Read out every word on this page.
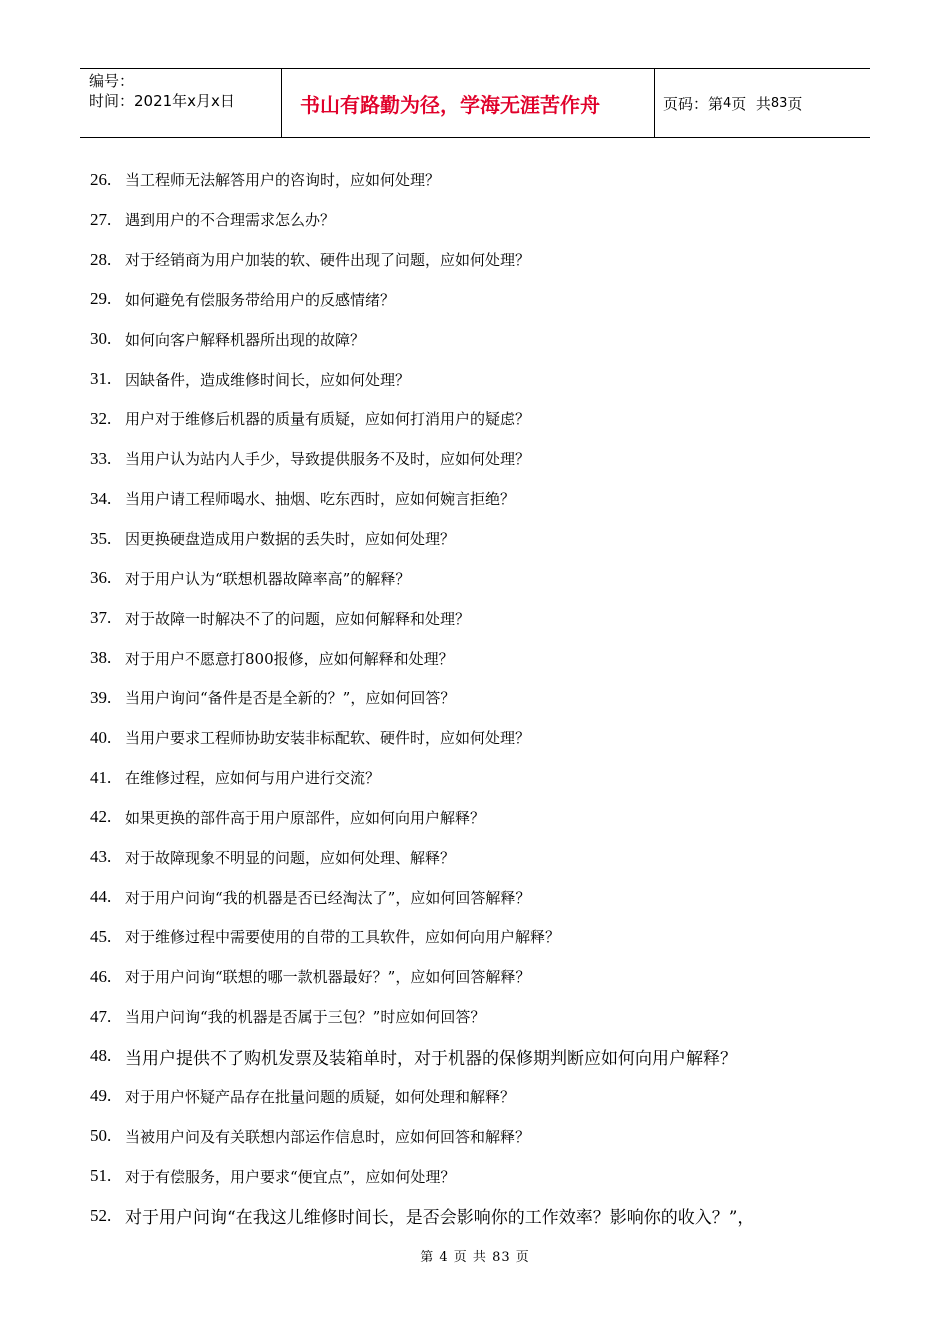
编号：
时间：2021年x月x日	书山有路勤为径，学海无涯苦作舟	页码：第 4 页  共 83 页
26. 当工程师无法解答用户的咨询时，应如何处理？
27. 遇到用户的不合理需求怎么办？
28. 对于经销商为用户加装的软、硬件出现了问题，应如何处理？
29. 如何避免有偿服务带给用户的反感情绪？
30. 如何向客户解释机器所出现的故障？
31. 因缺备件，造成维修时间长，应如何处理？
32. 用户对于维修后机器的质量有质疑，应如何打消用户的疑虑？
33. 当用户认为站内人手少，导致提供服务不及时，应如何处理？
34. 当用户请工程师喝水、抽烟、吃东西时，应如何婉言拒绝？
35. 因更换硬盘造成用户数据的丢失时，应如何处理？
36. 对于用户认为“联想机器故障率高”的解释？
37. 对于故障一时解决不了的问题，应如何解释和处理？
38. 对于用户不愿意打800报修，应如何解释和处理？
39. 当用户询问“备件是否是全新的？”，应如何回答？
40. 当用户要求工程师协助安装非标配软、硬件时，应如何处理？
41. 在维修过程，应如何与用户进行交流？
42. 如果更换的部件高于用户原部件，应如何向用户解释？
43. 对于故障现象不明显的问题，应如何处理、解释？
44. 对于用户问询“我的机器是否已经淘汰了”，应如何回答解释？
45. 对于维修过程中需要使用的自带的工具软件，应如何向用户解释？
46. 对于用户问询“联想的哪一款机器最好？”，应如何回答解释？
47. 当用户问询“我的机器是否属于三包？”时应如何回答？
48. 当用户提供不了购机发票及装箱单时，对于机器的保修期判断应如何向用户解释？
49. 对于用户怀疑产品存在批量问题的质疑，如何处理和解释？
50. 当被用户问及有关联想内部运作信息时，应如何回答和解释？
51. 对于有偿服务，用户要求“便宜点”，应如何处理？
52. 对于用户问询“在我这儿维修时间长，是否会影响你的工作效率？影响你的收入？”，
第 4 页 共 83 页
